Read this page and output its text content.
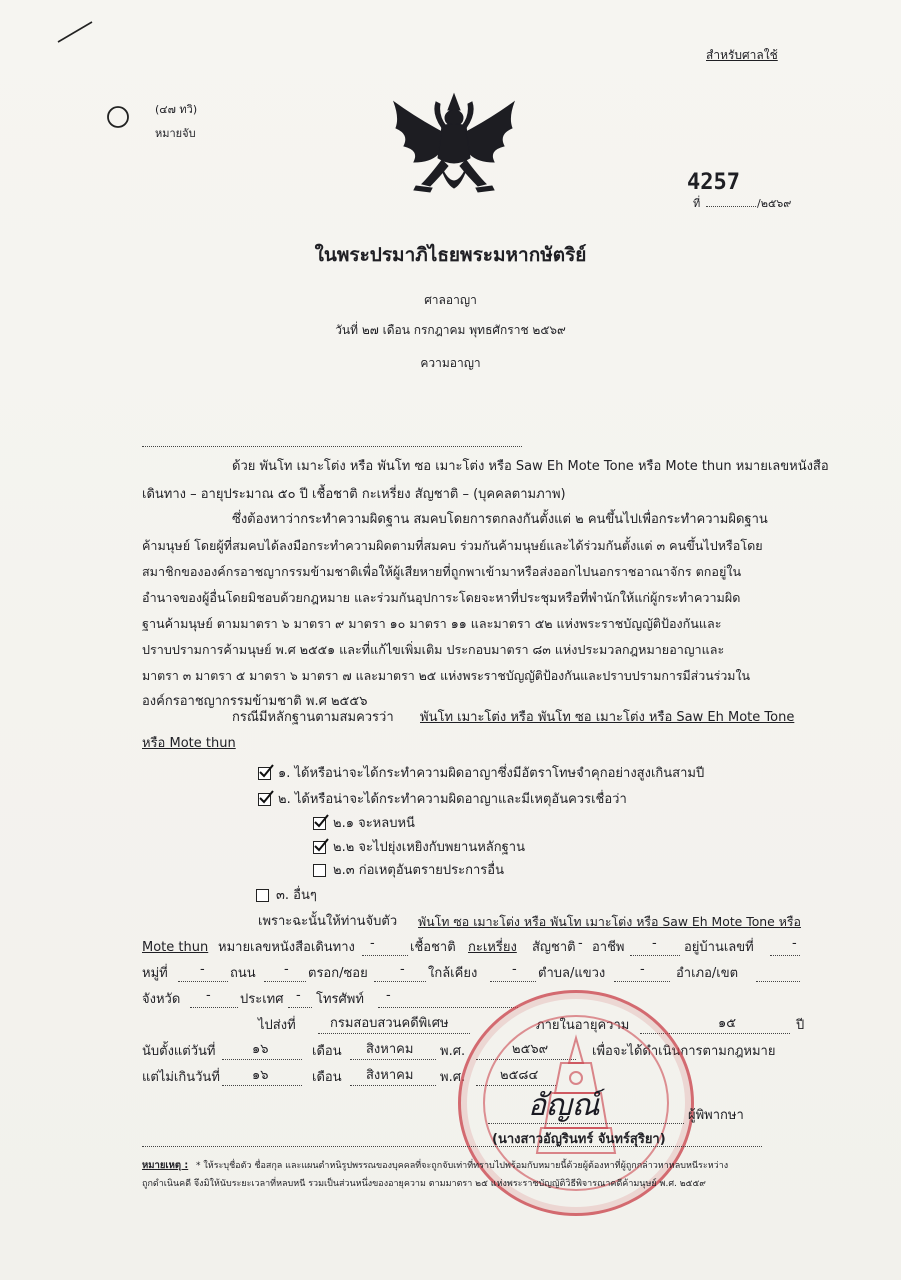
สำหรับศาลใช้
(๔๗ ทวิ)
หมายจับ
4257
ที่	/๒๕๖๙
ในพระปรมาภิไธยพระมหากษัตริย์
ศาลอาญา
วันที่ ๒๗ เดือน กรกฎาคม พุทธศักราช ๒๕๖๙
ความอาญา
ด้วย พันโท เมาะโต่ง หรือ พันโท ซอ เมาะโต่ง หรือ Saw Eh Mote Tone หรือ Mote thun หมายเลขหนังสือ
เดินทาง – อายุประมาณ ๕๐ ปี เชื้อชาติ กะเหรี่ยง สัญชาติ – (บุคคลตามภาพ)
ซึ่งต้องหาว่ากระทำความผิดฐาน สมคบโดยการตกลงกันตั้งแต่ ๒ คนขึ้นไปเพื่อกระทำความผิดฐาน
ค้ามนุษย์ โดยผู้ที่สมคบได้ลงมือกระทำความผิดตามที่สมคบ ร่วมกันค้ามนุษย์และได้ร่วมกันตั้งแต่ ๓ คนขึ้นไปหรือโดย
สมาชิกขององค์กรอาชญากรรมข้ามชาติเพื่อให้ผู้เสียหายที่ถูกพาเข้ามาหรือส่งออกไปนอกราชอาณาจักร ตกอยู่ใน
อำนาจของผู้อื่นโดยมิชอบด้วยกฎหมาย และร่วมกันอุปการะโดยจะหาที่ประชุมหรือที่พำนักให้แก่ผู้กระทำความผิด
ฐานค้ามนุษย์ ตามมาตรา ๖ มาตรา ๙ มาตรา ๑๐ มาตรา ๑๑ และมาตรา ๕๒ แห่งพระราชบัญญัติป้องกันและ
ปราบปรามการค้ามนุษย์ พ.ศ ๒๕๕๑ และที่แก้ไขเพิ่มเติม ประกอบมาตรา ๘๓ แห่งประมวลกฎหมายอาญาและ
มาตรา ๓ มาตรา ๕ มาตรา ๖ มาตรา ๗ และมาตรา ๒๕ แห่งพระราชบัญญัติป้องกันและปราบปรามการมีส่วนร่วมใน
องค์กรอาชญากรรมข้ามชาติ พ.ศ ๒๕๕๖
กรณีมีหลักฐานตามสมควรว่า พันโท เมาะโต่ง หรือ พันโท ซอ เมาะโต่ง หรือ Saw Eh Mote Tone
หรือ Mote thun
๑. ได้หรือน่าจะได้กระทำความผิดอาญาซึ่งมีอัตราโทษจำคุกอย่างสูงเกินสามปี
๒. ได้หรือน่าจะได้กระทำความผิดอาญาและมีเหตุอันควรเชื่อว่า
๒.๑ จะหลบหนี
๒.๒ จะไปยุ่งเหยิงกับพยานหลักฐาน
๒.๓ ก่อเหตุอันตรายประการอื่น
๓. อื่นๆ
เพราะฉะนั้นให้ท่านจับตัว พันโท ซอ เมาะโต่ง หรือ พันโท เมาะโต่ง หรือ Saw Eh Mote Tone หรือ
Mote thun หมายเลขหนังสือเดินทาง -	เชื้อชาติ กะเหรี่ยง สัญชาติ - อาชีพ - อยู่บ้านเลขที่	-
หมู่ที่ - ถนน - ตรอก/ซอย - ใกล้เคียง	- ตำบล/แขวง	- อำเภอ/เขต
จังหวัด - ประเทศ - โทรศัพท์ -
ไปส่งที่	กรมสอบสวนคดีพิเศษ	ภายในอายุความ	๑๕	ปี
นับตั้งแต่วันที่	๑๖	เดือน สิงหาคม พ.ศ.	๒๕๖๙	เพื่อจะได้ดำเนินการตามกฎหมาย
แต่ไม่เกินวันที่ ๑๖	เดือน สิงหาคม พ.ศ.	๒๕๘๔
อัญณ์	ผู้พิพากษา
(นางสาวอัญรินทร์ จันทร์สุริยา)
หมายเหตุ : * ให้ระบุชื่อตัว ชื่อสกุล และแผนตำหนิรูปพรรณของบุคคลที่จะถูกจับเท่าที่ทราบไปพร้อมกับหมายนี้ด้วยผู้ต้องหาที่ผู้ถูกกล่าวหาหลบหนีระหว่าง
ถูกดำเนินคดี จึงมิให้นับระยะเวลาที่หลบหนี รวมเป็นส่วนหนึ่งของอายุความ ตามมาตรา ๒๕ แห่งพระราชบัญญัติวิธีพิจารณาคดีค้ามนุษย์ พ.ศ. ๒๕๕๙
